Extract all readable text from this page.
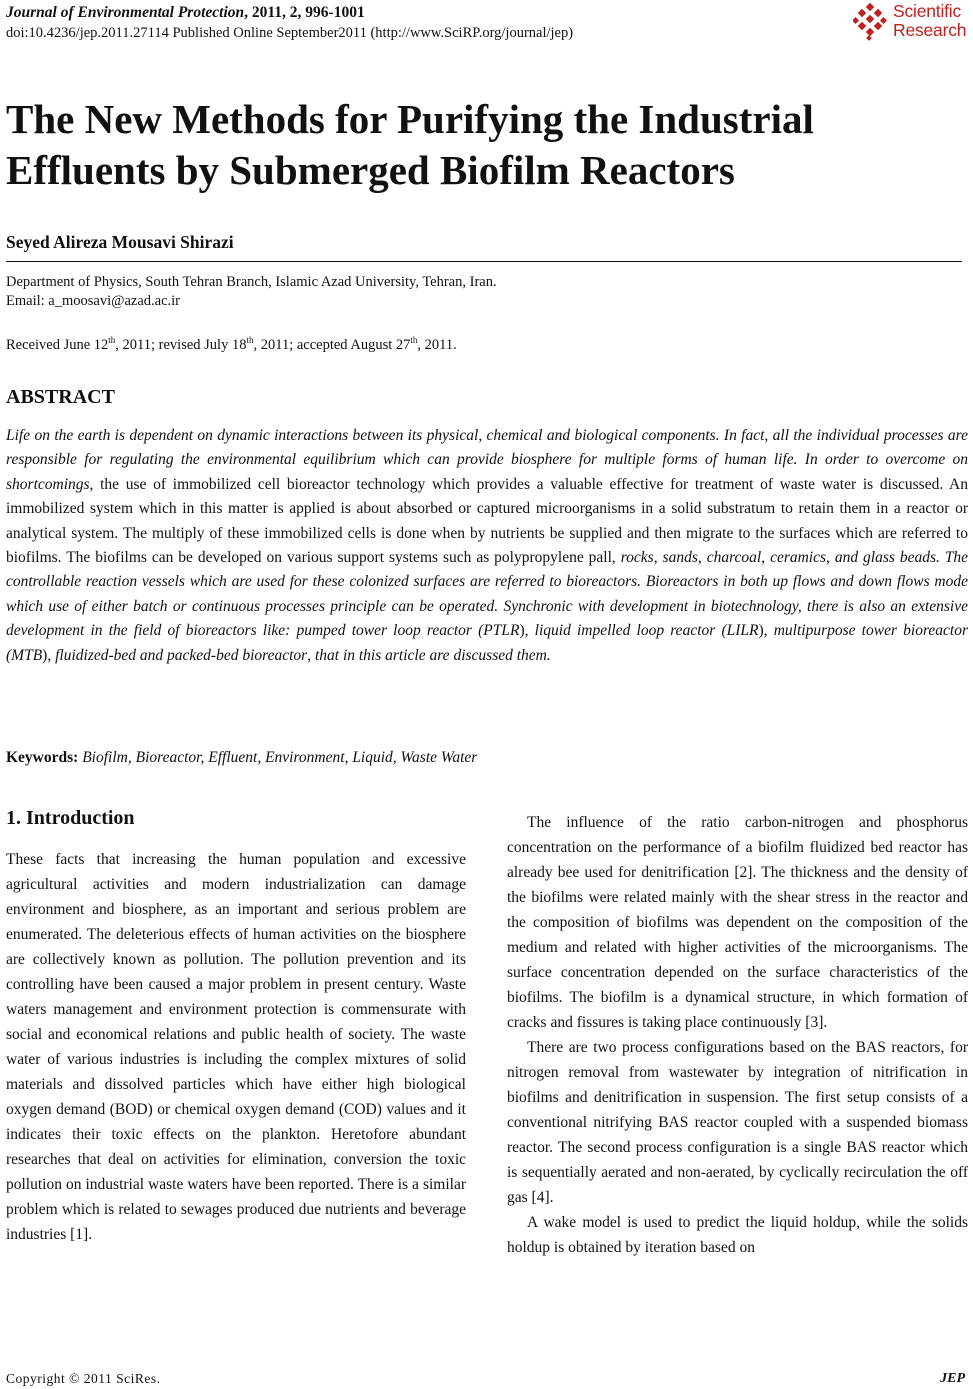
Journal of Environmental Protection, 2011, 2, 996-1001
doi:10.4236/jep.2011.27114 Published Online September2011 (http://www.SciRP.org/journal/jep)
Scientific
Research
The New Methods for Purifying the Industrial Effluents by Submerged Biofilm Reactors
Seyed Alireza Mousavi Shirazi
Department of Physics, South Tehran Branch, Islamic Azad University, Tehran, Iran.
Email: a_moosavi@azad.ac.ir
Received June 12th, 2011; revised July 18th, 2011; accepted August 27th, 2011.
ABSTRACT

Life on the earth is dependent on dynamic interactions between its physical, chemical and biological components. In fact, all the individual processes are responsible for regulating the environmental equilibrium which can provide biosphere for multiple forms of human life. In order to overcome on shortcomings, the use of immobilized cell bioreactor technology which provides a valuable effective for treatment of waste water is discussed. An immobilized system which in this matter is applied is about absorbed or captured microorganisms in a solid substratum to retain them in a reactor or analytical system. The multiply of these immobilized cells is done when by nutrients be supplied and then migrate to the surfaces which are referred to biofilms. The biofilms can be developed on various support systems such as polypropylene pall, rocks, sands, charcoal, ceramics, and glass beads. The controllable reaction vessels which are used for these colonized surfaces are referred to bioreactors. Bioreactors in both up flows and down flows mode which use of either batch or continuous processes principle can be operated. Synchronic with development in biotechnology, there is also an extensive development in the field of bioreactors like: pumped tower loop reactor (PTLR), liquid impelled loop reactor (LILR), multipurpose tower bioreactor (MTB), fluidized-bed and packed-bed bioreactor, that in this article are discussed them.

Keywords: Biofilm, Bioreactor, Effluent, Environment, Liquid, Waste Water
1. Introduction

These facts that increasing the human population and excessive agricultural activities and modern industrialization can damage environment and biosphere, as an important and serious problem are enumerated. The deleterious effects of human activities on the biosphere are collectively known as pollution. The pollution prevention and its controlling have been caused a major problem in present century. Waste waters management and environment protection is commensurate with social and economical relations and public health of society. The waste water of various industries is including the complex mixtures of solid materials and dissolved particles which have either high biological oxygen demand (BOD) or chemical oxygen demand (COD) values and it indicates their toxic effects on the plankton. Heretofore abundant researches that deal on activities for elimination, conversion the toxic pollution on industrial waste waters have been reported. There is a similar problem which is related to sewages produced due nutrients and beverage industries [1].

The influence of the ratio carbon-nitrogen and phosphorus concentration on the performance of a biofilm fluidized bed reactor has already bee used for denitrification [2]. The thickness and the density of the biofilms were related mainly with the shear stress in the reactor and the composition of biofilms was dependent on the composition of the medium and related with higher activities of the microorganisms. The surface concentration depended on the surface characteristics of the biofilms. The biofilm is a dynamical structure, in which formation of cracks and fissures is taking place continuously [3].

There are two process configurations based on the BAS reactors, for nitrogen removal from wastewater by integration of nitrification in biofilms and denitrification in suspension. The first setup consists of a conventional nitrifying BAS reactor coupled with a suspended biomass reactor. The second process configuration is a single BAS reactor which is sequentially aerated and non-aerated, by cyclically recirculation the off gas [4].

A wake model is used to predict the liquid holdup, while the solids holdup is obtained by iteration based on

Copyright © 2011 SciRes.	JEP
